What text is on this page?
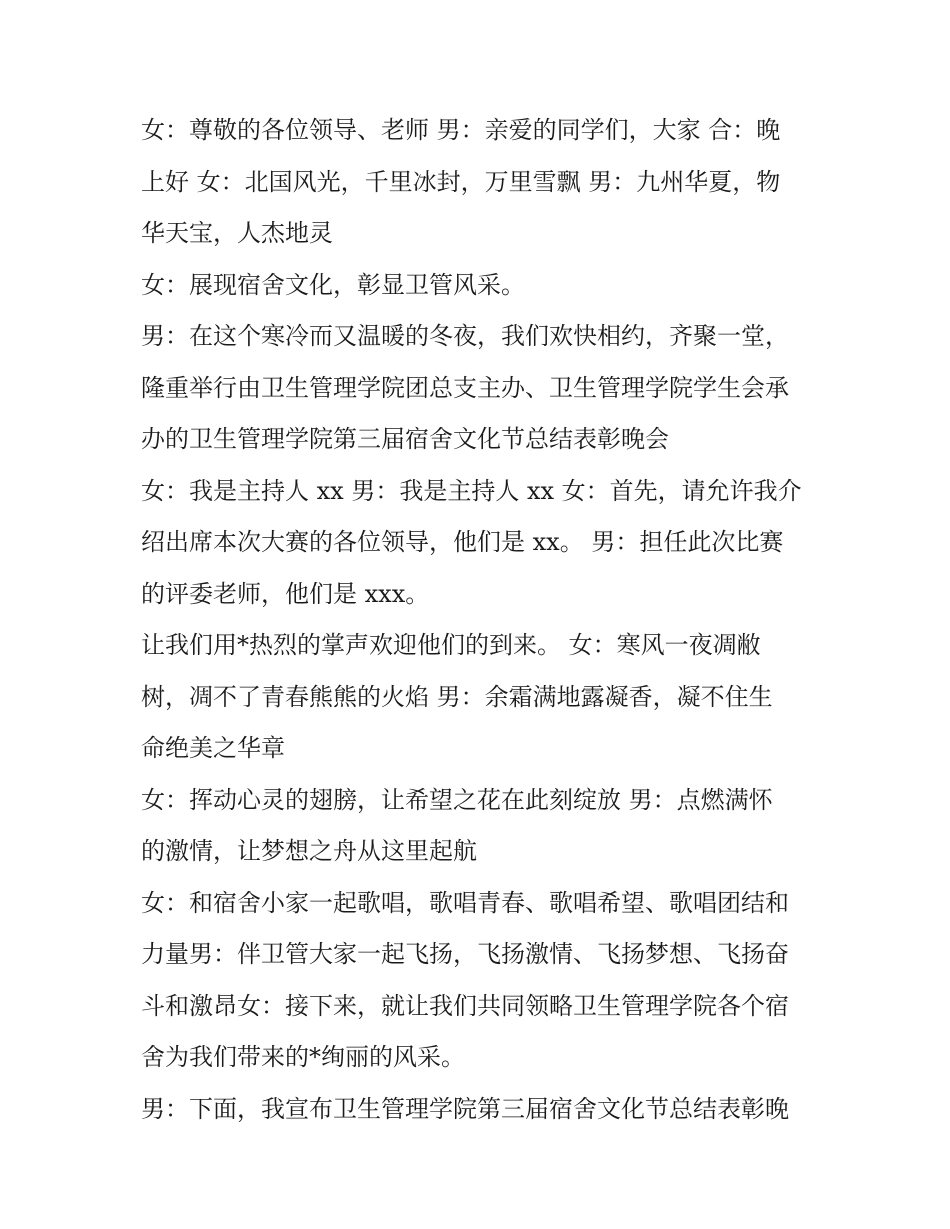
女：尊敬的各位领导、老师 男：亲爱的同学们，大家 合：晚
上好 女：北国风光，千里冰封，万里雪飘 男：九州华夏，物
华天宝，人杰地灵

女：展现宿舍文化，彰显卫管风采。

男：在这个寒冷而又温暖的冬夜，我们欢快相约，齐聚一堂，
隆重举行由卫生管理学院团总支主办、卫生管理学院学生会承
办的卫生管理学院第三届宿舍文化节总结表彰晚会

女：我是主持人 xx 男：我是主持人 xx 女：首先，请允许我介
绍出席本次大赛的各位领导，他们是 xx。 男：担任此次比赛
的评委老师，他们是 xxx。

让我们用*热烈的掌声欢迎他们的到来。 女：寒风一夜凋敝
树，凋不了青春熊熊的火焰 男：余霜满地露凝香，凝不住生
命绝美之华章

女：挥动心灵的翅膀，让希望之花在此刻绽放 男：点燃满怀
的激情，让梦想之舟从这里起航

女：和宿舍小家一起歌唱，歌唱青春、歌唱希望、歌唱团结和
力量男：伴卫管大家一起飞扬，飞扬激情、飞扬梦想、飞扬奋
斗和激昂女：接下来，就让我们共同领略卫生管理学院各个宿
舍为我们带来的*绚丽的风采。

男：下面，我宣布卫生管理学院第三届宿舍文化节总结表彰晚
